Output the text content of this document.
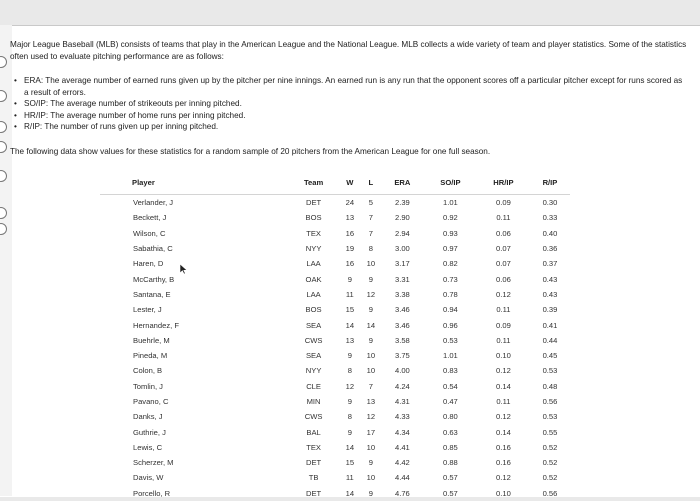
Major League Baseball (MLB) consists of teams that play in the American League and the National League. MLB collects a wide variety of team and player statistics. Some of the statistics often used to evaluate pitching performance are as follows:
• ERA: The average number of earned runs given up by the pitcher per nine innings. An earned run is any run that the opponent scores off a particular pitcher except for runs scored as a result of errors.
• SO/IP: The average number of strikeouts per inning pitched.
• HR/IP: The average number of home runs per inning pitched.
• R/IP: The number of runs given up per inning pitched.
The following data show values for these statistics for a random sample of 20 pitchers from the American League for one full season.
Player	Team	W	L	ERA	SO/IP	HR/IP	R/IP
Verlander, J	DET	24	5	2.39	1.01	0.09	0.30
Beckett, J	BOS	13	7	2.90	0.92	0.11	0.33
Wilson, C	TEX	16	7	2.94	0.93	0.06	0.40
Sabathia, C	NYY	19	8	3.00	0.97	0.07	0.36
Haren, D	LAA	16	10	3.17	0.82	0.07	0.37
McCarthy, B	OAK	9	9	3.31	0.73	0.06	0.43
Santana, E	LAA	11	12	3.38	0.78	0.12	0.43
Lester, J	BOS	15	9	3.46	0.94	0.11	0.39
Hernandez, F	SEA	14	14	3.46	0.96	0.09	0.41
Buehrle, M	CWS	13	9	3.58	0.53	0.11	0.44
Pineda, M	SEA	9	10	3.75	1.01	0.10	0.45
Colon, B	NYY	8	10	4.00	0.83	0.12	0.53
Tomlin, J	CLE	12	7	4.24	0.54	0.14	0.48
Pavano, C	MIN	9	13	4.31	0.47	0.11	0.56
Danks, J	CWS	8	12	4.33	0.80	0.12	0.53
Guthrie, J	BAL	9	17	4.34	0.63	0.14	0.55
Lewis, C	TEX	14	10	4.41	0.85	0.16	0.52
Scherzer, M	DET	15	9	4.42	0.88	0.16	0.52
Davis, W	TB	11	10	4.44	0.57	0.12	0.52
Porcello, R	DET	14	9	4.76	0.57	0.10	0.56
